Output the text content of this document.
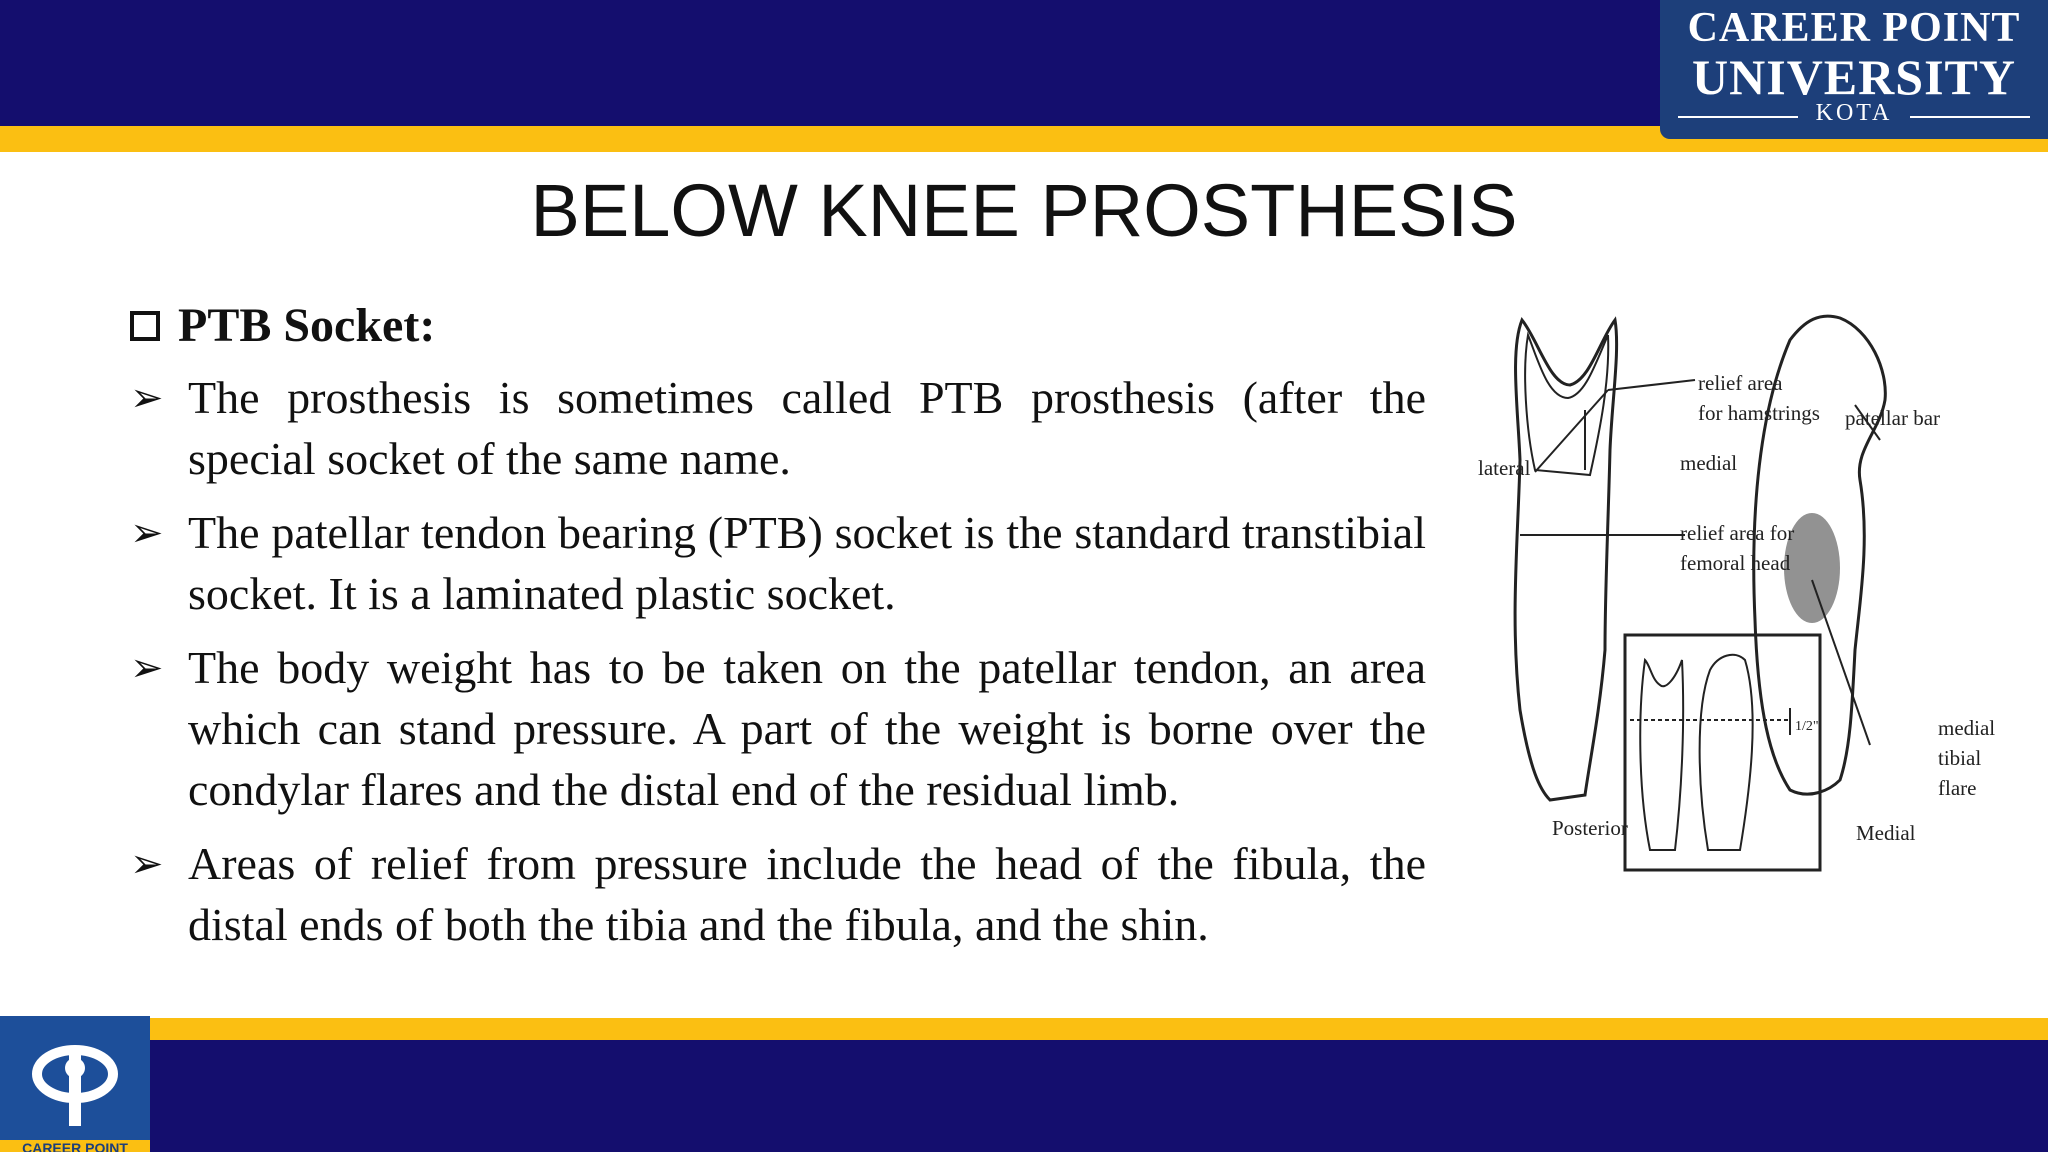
CAREER POINT
UNIVERSITY
KOTA
BELOW KNEE PROSTHESIS
PTB Socket:
➢ The prosthesis is sometimes called PTB prosthesis (after the special socket of the same name.
➢ The patellar tendon bearing (PTB) socket is the standard transtibial socket. It is a laminated plastic socket.
➢ The body weight has to be taken on the patellar tendon, an area which can stand pressure. A part of the weight is borne over the condylar flares and the distal end of the residual limb.
➢ Areas of relief from pressure include the head of the fibula, the distal ends of both the tibia and the fibula, and the shin.
lateral
relief area
for hamstrings
medial
relief area for
femoral head
Posterior
patellar bar
medial
tibial
flare
Medial
1/2"
CAREER POINT
